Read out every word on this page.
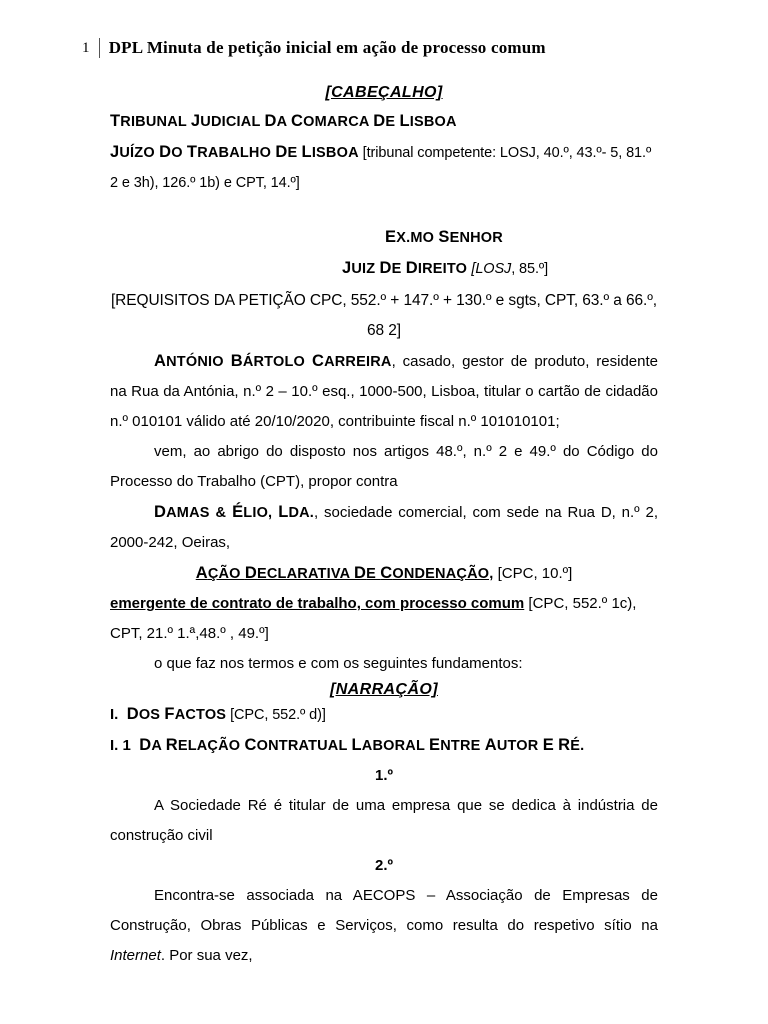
1	DPL Minuta de petição inicial em ação de processo comum

[CABEÇALHO]

TRIBUNAL JUDICIAL DA COMARCA DE LISBOA

JUÍZO DO TRABALHO DE LISBOA [tribunal competente: LOSJ, 40.º, 43.º- 5, 81.º 2 e 3h), 126.º 1b) e CPT, 14.º]

EX.MO SENHOR

JUIZ DE DIREITO [LOSJ, 85.º]

[REQUISITOS DA PETIÇÃO CPC, 552.º + 147.º + 130.º e sgts, CPT, 63.º a 66.º, 68 2]

ANTÓNIO BÁRTOLO CARREIRA, casado, gestor de produto, residente na Rua da Antónia, n.º 2 – 10.º esq., 1000-500, Lisboa, titular o cartão de cidadão n.º 010101 válido até 20/10/2020, contribuinte fiscal n.º 101010101;

vem, ao abrigo do disposto nos artigos 48.º, n.º 2 e 49.º do Código do Processo do Trabalho (CPT), propor contra

DAMAS & ÉLIO, LDA., sociedade comercial, com sede na Rua D, n.º 2, 2000-242, Oeiras,

AÇÃO DECLARATIVA DE CONDENAÇÃO, [CPC, 10.º]

emergente de contrato de trabalho, com processo comum [CPC, 552.º 1c), CPT, 21.º 1.ª,48.º , 49.º]

o que faz nos termos e com os seguintes fundamentos:

[NARRAÇÃO]

I. DOS FACTOS [CPC, 552.º d)]

I. 1 DA RELAÇÃO CONTRATUAL LABORAL ENTRE AUTOR E RÉ.

1.º

A Sociedade Ré é titular de uma empresa que se dedica à indústria de construção civil

2.º

Encontra-se associada na AECOPS – Associação de Empresas de Construção, Obras Públicas e Serviços, como resulta do respetivo sítio na Internet. Por sua vez,
